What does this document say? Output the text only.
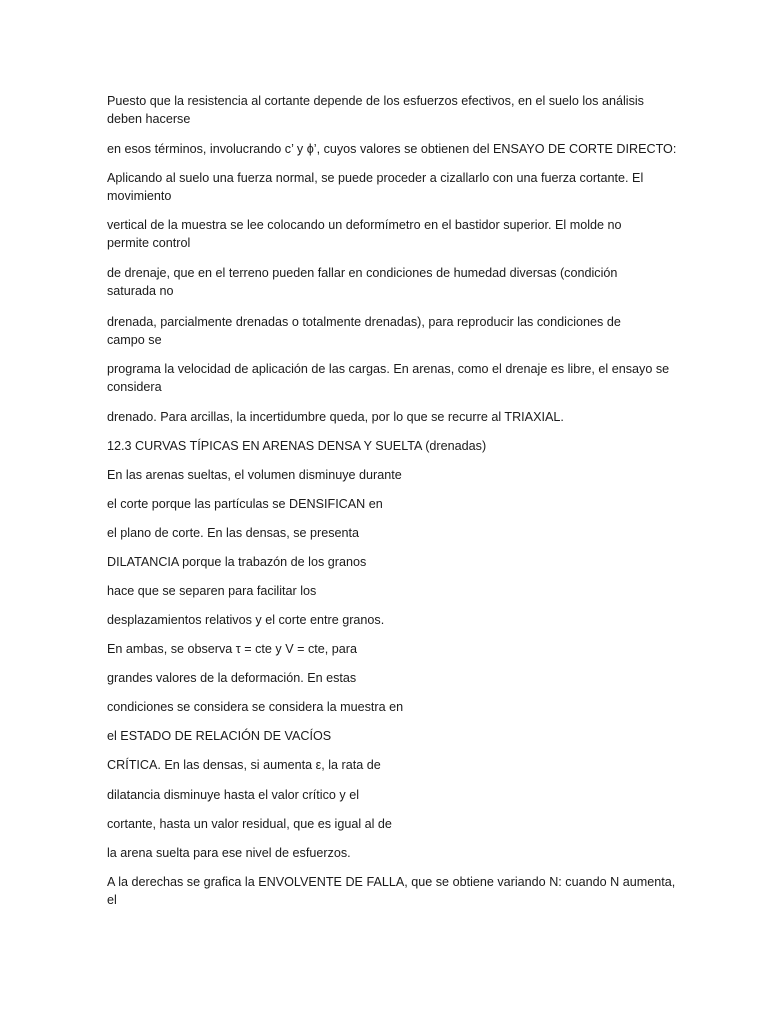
Puesto que la resistencia al cortante depende de los esfuerzos efectivos, en el suelo los análisis
deben hacerse

en esos términos, involucrando c’ y ϕ’, cuyos valores se obtienen del ENSAYO DE CORTE DIRECTO:

Aplicando al suelo una fuerza normal, se puede proceder a cizallarlo con una fuerza cortante. El
movimiento

vertical de la muestra se lee colocando un deformímetro en el bastidor superior. El molde no
permite control

de drenaje, que en el terreno pueden fallar en condiciones de humedad diversas (condición
saturada no

drenada, parcialmente drenadas o totalmente drenadas), para reproducir las condiciones de
campo se

programa la velocidad de aplicación de las cargas. En arenas, como el drenaje es libre, el ensayo se
considera

drenado. Para arcillas, la incertidumbre queda, por lo que se recurre al TRIAXIAL.

12.3 CURVAS TÍPICAS EN ARENAS DENSA Y SUELTA (drenadas)

En las arenas sueltas, el volumen disminuye durante

el corte porque las partículas se DENSIFICAN en

el plano de corte. En las densas, se presenta

DILATANCIA porque la trabazón de los granos

hace que se separen para facilitar los

desplazamientos relativos y el corte entre granos.

En ambas, se observa τ = cte y V = cte, para

grandes valores de la deformación. En estas

condiciones se considera se considera la muestra en

el ESTADO DE RELACIÓN DE VACÍOS

CRÍTICA. En las densas, si aumenta ε, la rata de

dilatancia disminuye hasta el valor crítico y el

cortante, hasta un valor residual, que es igual al de

la arena suelta para ese nivel de esfuerzos.

A la derechas se grafica la ENVOLVENTE DE FALLA, que se obtiene variando N: cuando N aumenta,
el
